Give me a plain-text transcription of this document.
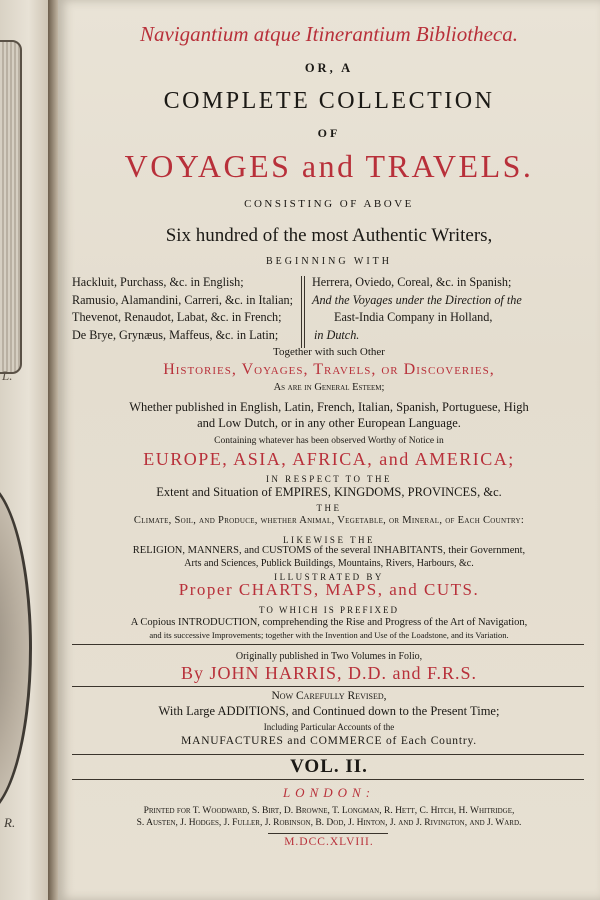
L.
R.
Navigantium atque Itinerantium Bibliotheca.
OR, A
COMPLETE COLLECTION
OF
VOYAGES and TRAVELS.
CONSISTING OF ABOVE
Six hundred of the most Authentic Writers,
BEGINNING WITH
Hackluit, Purchass, &c. in English;
Ramusio, Alamandini, Carreri, &c. in Italian;
Thevenot, Renaudot, Labat, &c. in French;
De Brye, Grynæus, Maffeus, &c. in Latin;
Herrera, Oviedo, Coreal, &c. in Spanish;
And the Voyages under the Direction of the
East-India Company in Holland,
in Dutch.
Together with such Other
Histories, Voyages, Travels, or Discoveries,
As are in General Esteem;
Whether published in English, Latin, French, Italian, Spanish, Portuguese, High
and Low Dutch, or in any other European Language.
Containing whatever has been observed Worthy of Notice in
EUROPE, ASIA, AFRICA, and AMERICA;
IN RESPECT TO THE
Extent and Situation of EMPIRES, KINGDOMS, PROVINCES, &c.
THE
Climate, Soil, and Produce, whether Animal, Vegetable, or Mineral, of Each Country:
LIKEWISE THE
RELIGION, MANNERS, and CUSTOMS of the several INHABITANTS, their Government,
Arts and Sciences, Publick Buildings, Mountains, Rivers, Harbours, &c.
ILLUSTRATED BY
Proper CHARTS, MAPS, and CUTS.
TO WHICH IS PREFIXED
A Copious INTRODUCTION, comprehending the Rise and Progress of the Art of Navigation,
and its successive Improvements; together with the Invention and Use of the Loadstone, and its Variation.
Originally published in Two Volumes in Folio,
By JOHN HARRIS, D.D. and F.R.S.
Now Carefully Revised,
With Large ADDITIONS, and Continued down to the Present Time;
Including Particular Accounts of the
MANUFACTURES and COMMERCE of Each Country.
VOL. II.
LONDON:
Printed for T. Woodward, S. Birt, D. Browne, T. Longman, R. Hett, C. Hitch, H. Whitridge,
S. Austen, J. Hodges, J. Fuller, J. Robinson, B. Dod, J. Hinton, J. and J. Rivington, and J. Ward.
M.DCC.XLVIII.
